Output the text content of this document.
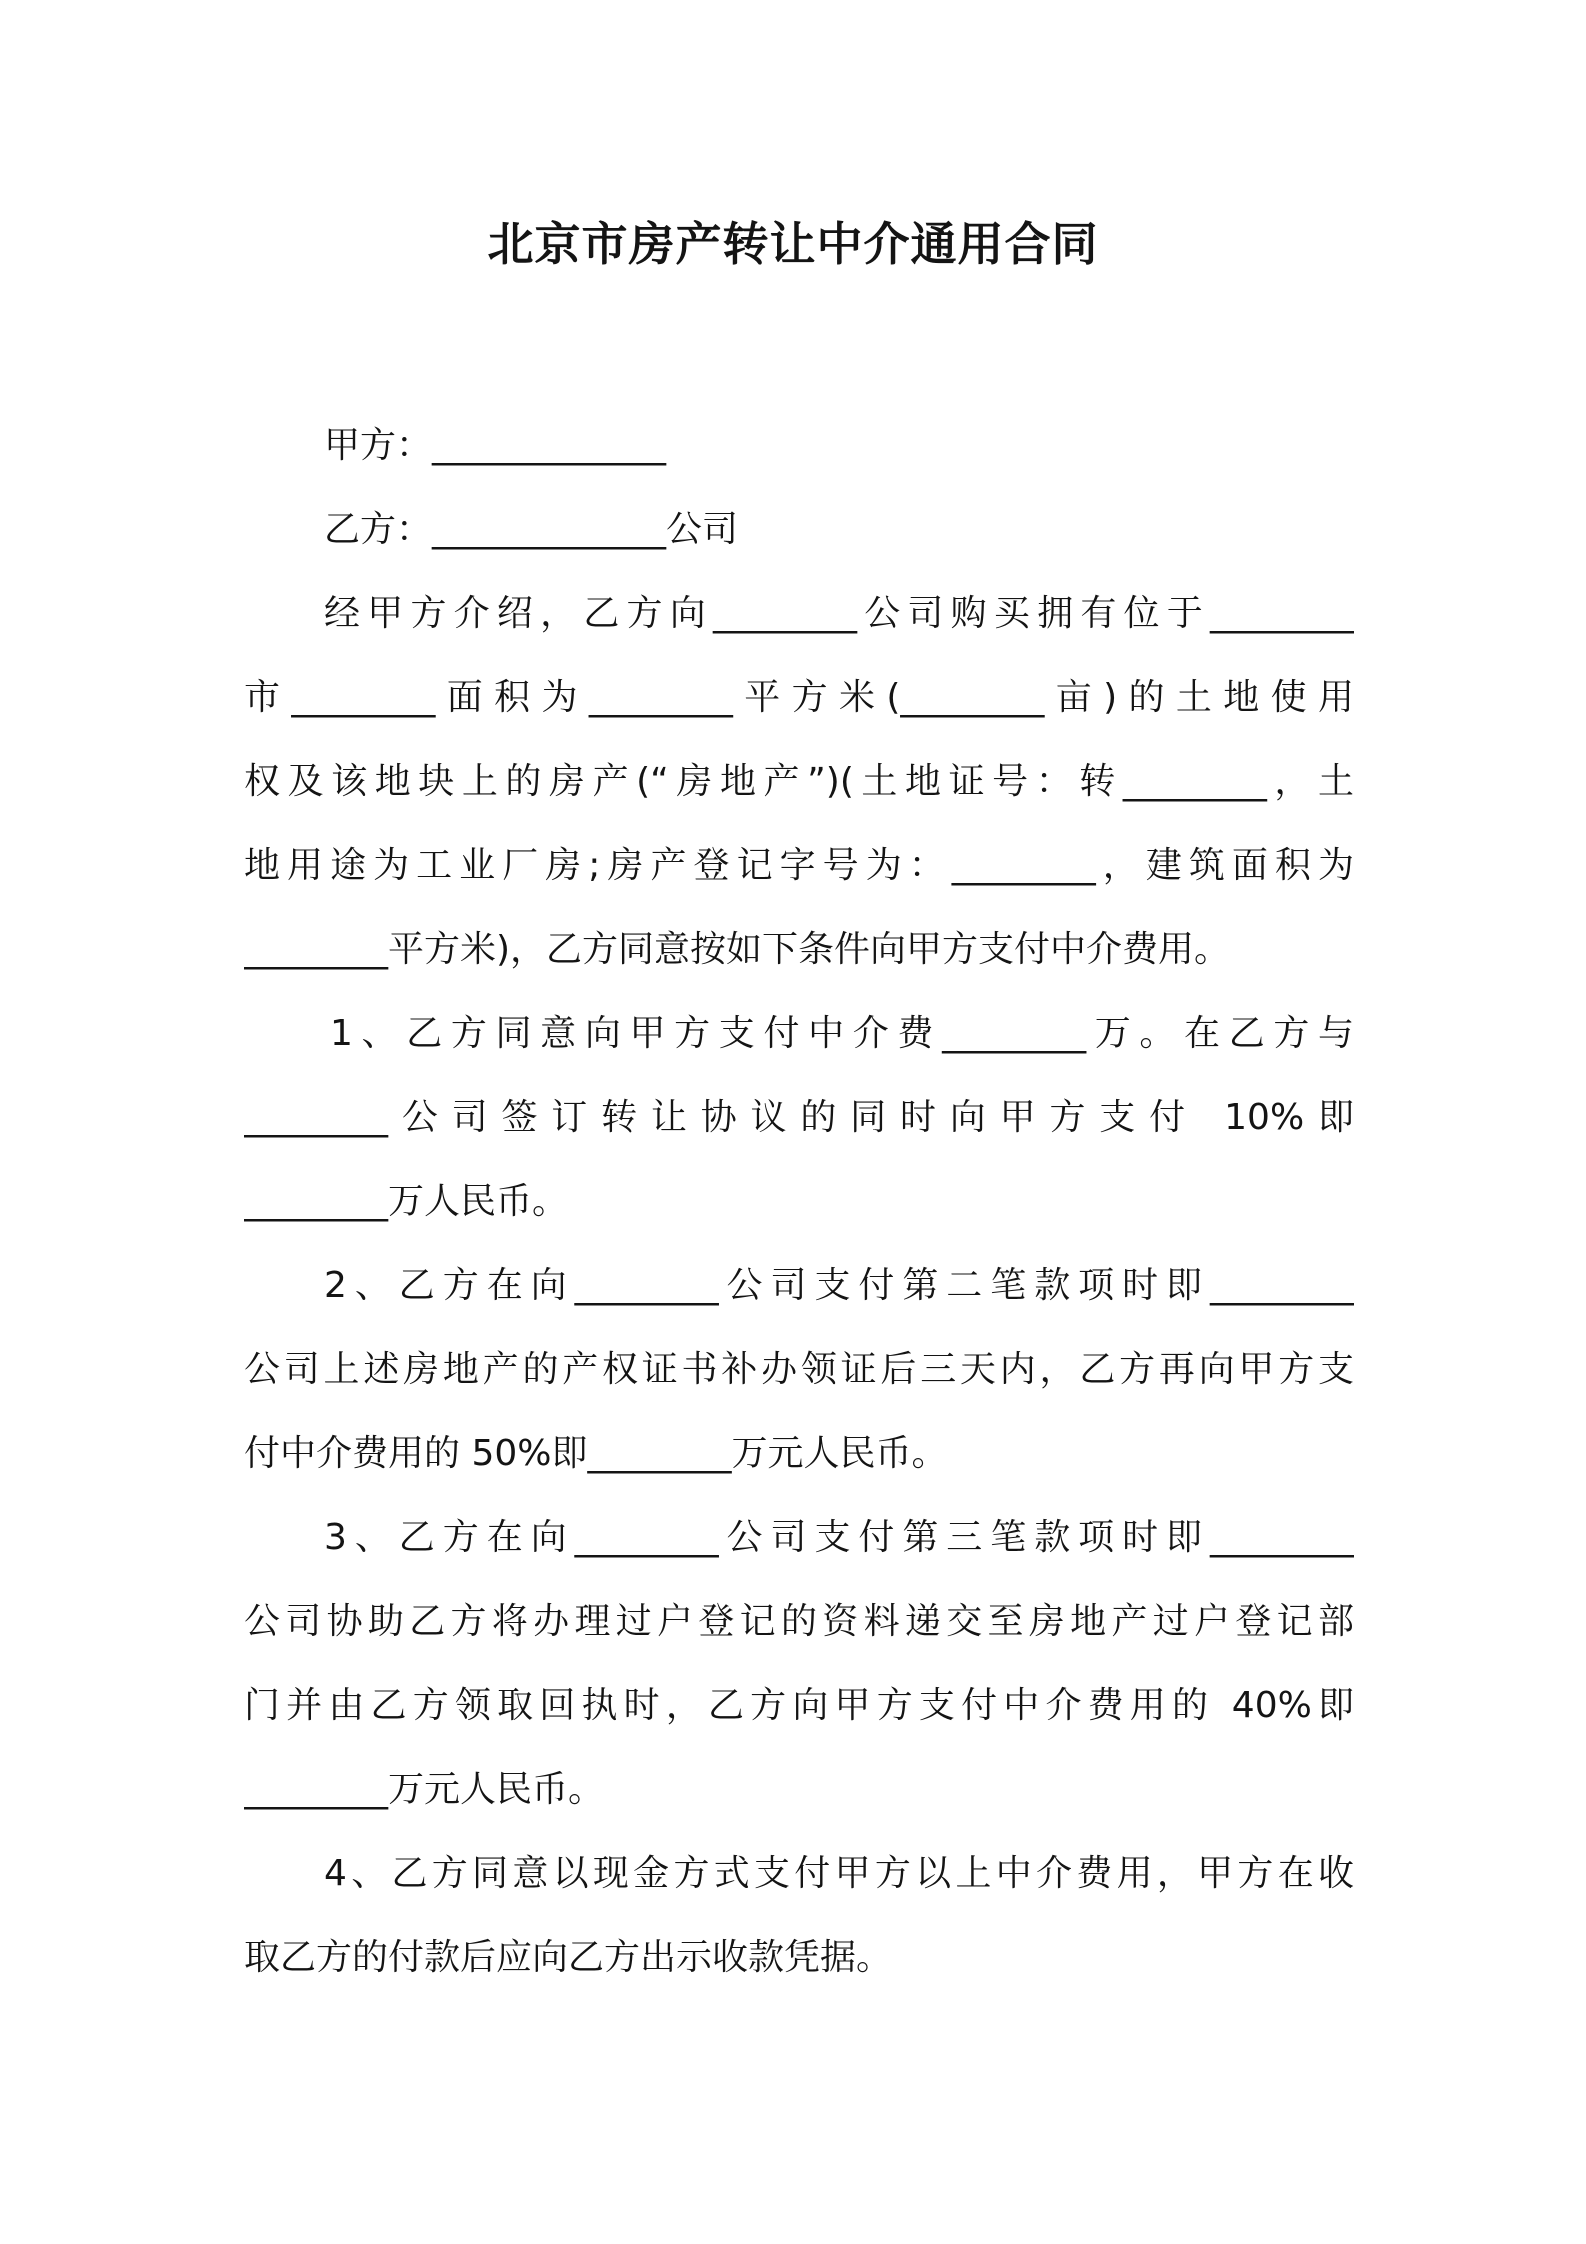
北京市房产转让中介通用合同
甲方：_____________
乙方：_____________公司
经甲方介绍，乙方向________公司购买拥有位于________
市________面积为________平方米(________亩)的土地使用
权及该地块上的房产(“房地产”)(土地证号：转________，土
地用途为工业厂房;房产登记字号为：________，建筑面积为
________平方米)，乙方同意按如下条件向甲方支付中介费用。
1、乙方同意向甲方支付中介费________万。在乙方与
________公司签订转让协议的同时向甲方支付 10%即
________万人民币。
2、乙方在向________公司支付第二笔款项时即________
公司上述房地产的产权证书补办领证后三天内，乙方再向甲方支
付中介费用的 50%即________万元人民币。
3、乙方在向________公司支付第三笔款项时即________
公司协助乙方将办理过户登记的资料递交至房地产过户登记部
门并由乙方领取回执时，乙方向甲方支付中介费用的 40%即
________万元人民币。
4、乙方同意以现金方式支付甲方以上中介费用，甲方在收
取乙方的付款后应向乙方出示收款凭据。
